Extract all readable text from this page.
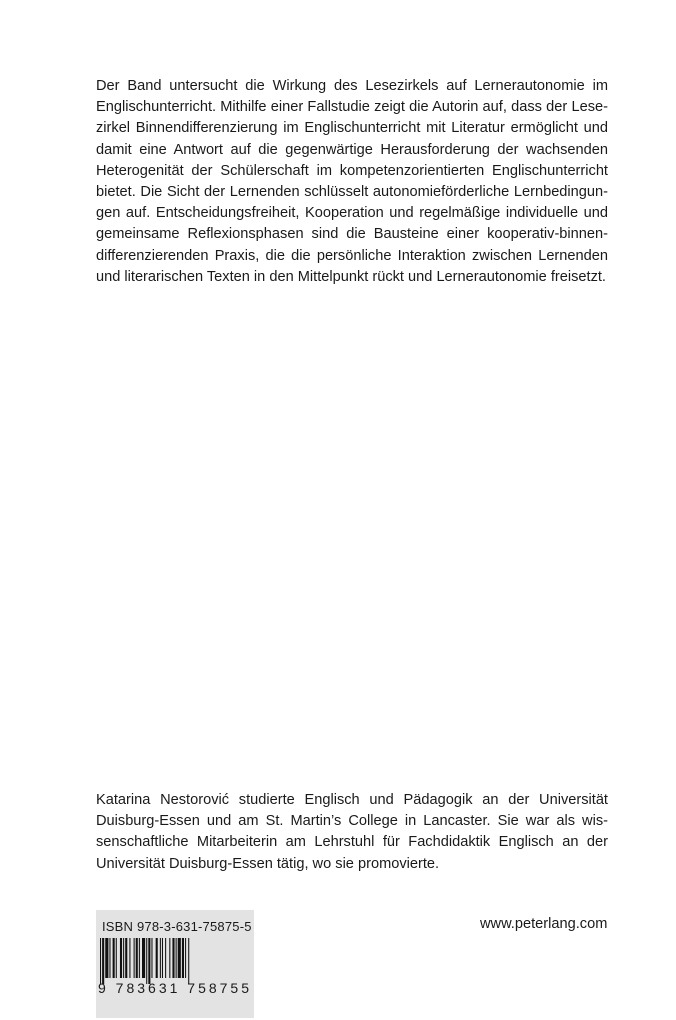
Der Band untersucht die Wirkung des Lesezirkels auf Lernerautonomie im
Englischunterricht. Mithilfe einer Fallstudie zeigt die Autorin auf, dass der Lese-
zirkel Binnendifferenzierung im Englischunterricht mit Literatur ermöglicht und
damit eine Antwort auf die gegenwärtige Herausforderung der wachsenden
Heterogenität der Schülerschaft im kompetenzorientierten Englischunterricht
bietet. Die Sicht der Lernenden schlüsselt autonomieförderliche Lernbedingun-
gen auf. Entscheidungsfreiheit, Kooperation und regelmäßige individuelle und
gemeinsame Reflexionsphasen sind die Bausteine einer kooperativ-binnen-
differenzierenden Praxis, die die persönliche Interaktion zwischen Lernenden
und literarischen Texten in den Mittelpunkt rückt und Lernerautonomie freisetzt.
Katarina Nestorović studierte Englisch und Pädagogik an der Universität
Duisburg-Essen und am St. Martin’s College in Lancaster. Sie war als wis-
senschaftliche Mitarbeiterin am Lehrstuhl für Fachdidaktik Englisch an der
Universität Duisburg-Essen tätig, wo sie promovierte.
ISBN 978-3-631-75875-5
9 783631 758755
www.peterlang.com
